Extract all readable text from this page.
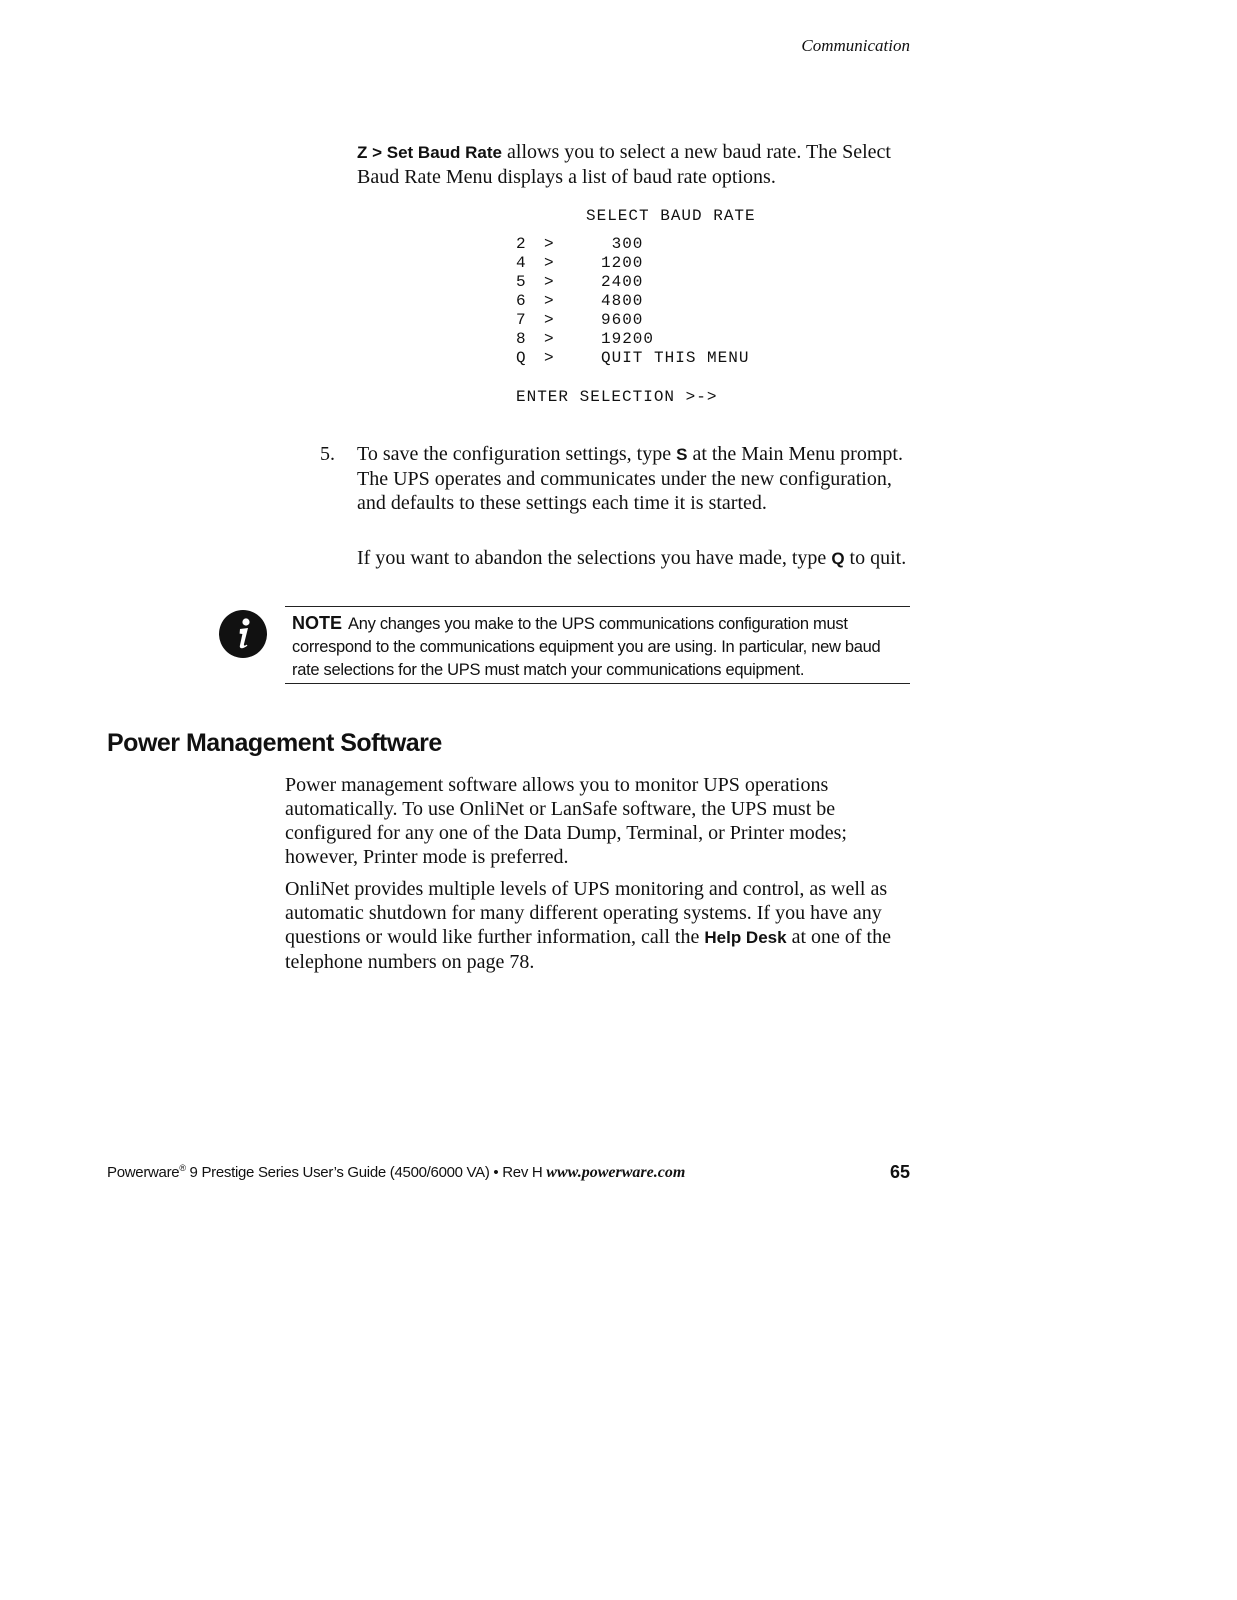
Communication
Z > Set Baud Rate allows you to select a new baud rate. The Select Baud Rate Menu displays a list of baud rate options.
SELECT BAUD RATE
2 >	300
4 >	1200
5 >	2400
6 >	4800
7 >	9600
8 >	19200
Q >	QUIT THIS MENU
ENTER SELECTION >->
5. To save the configuration settings, type S at the Main Menu prompt. The UPS operates and communicates under the new configuration, and defaults to these settings each time it is started.
If you want to abandon the selections you have made, type Q to quit.
NOTE Any changes you make to the UPS communications configuration must correspond to the communications equipment you are using. In particular, new baud rate selections for the UPS must match your communications equipment.
Power Management Software
Power management software allows you to monitor UPS operations automatically. To use OnliNet or LanSafe software, the UPS must be configured for any one of the Data Dump, Terminal, or Printer modes; however, Printer mode is preferred.
OnliNet provides multiple levels of UPS monitoring and control, as well as automatic shutdown for many different operating systems. If you have any questions or would like further information, call the Help Desk at one of the telephone numbers on page 78.
Powerware® 9 Prestige Series User’s Guide (4500/6000 VA) • Rev H www.powerware.com	65
